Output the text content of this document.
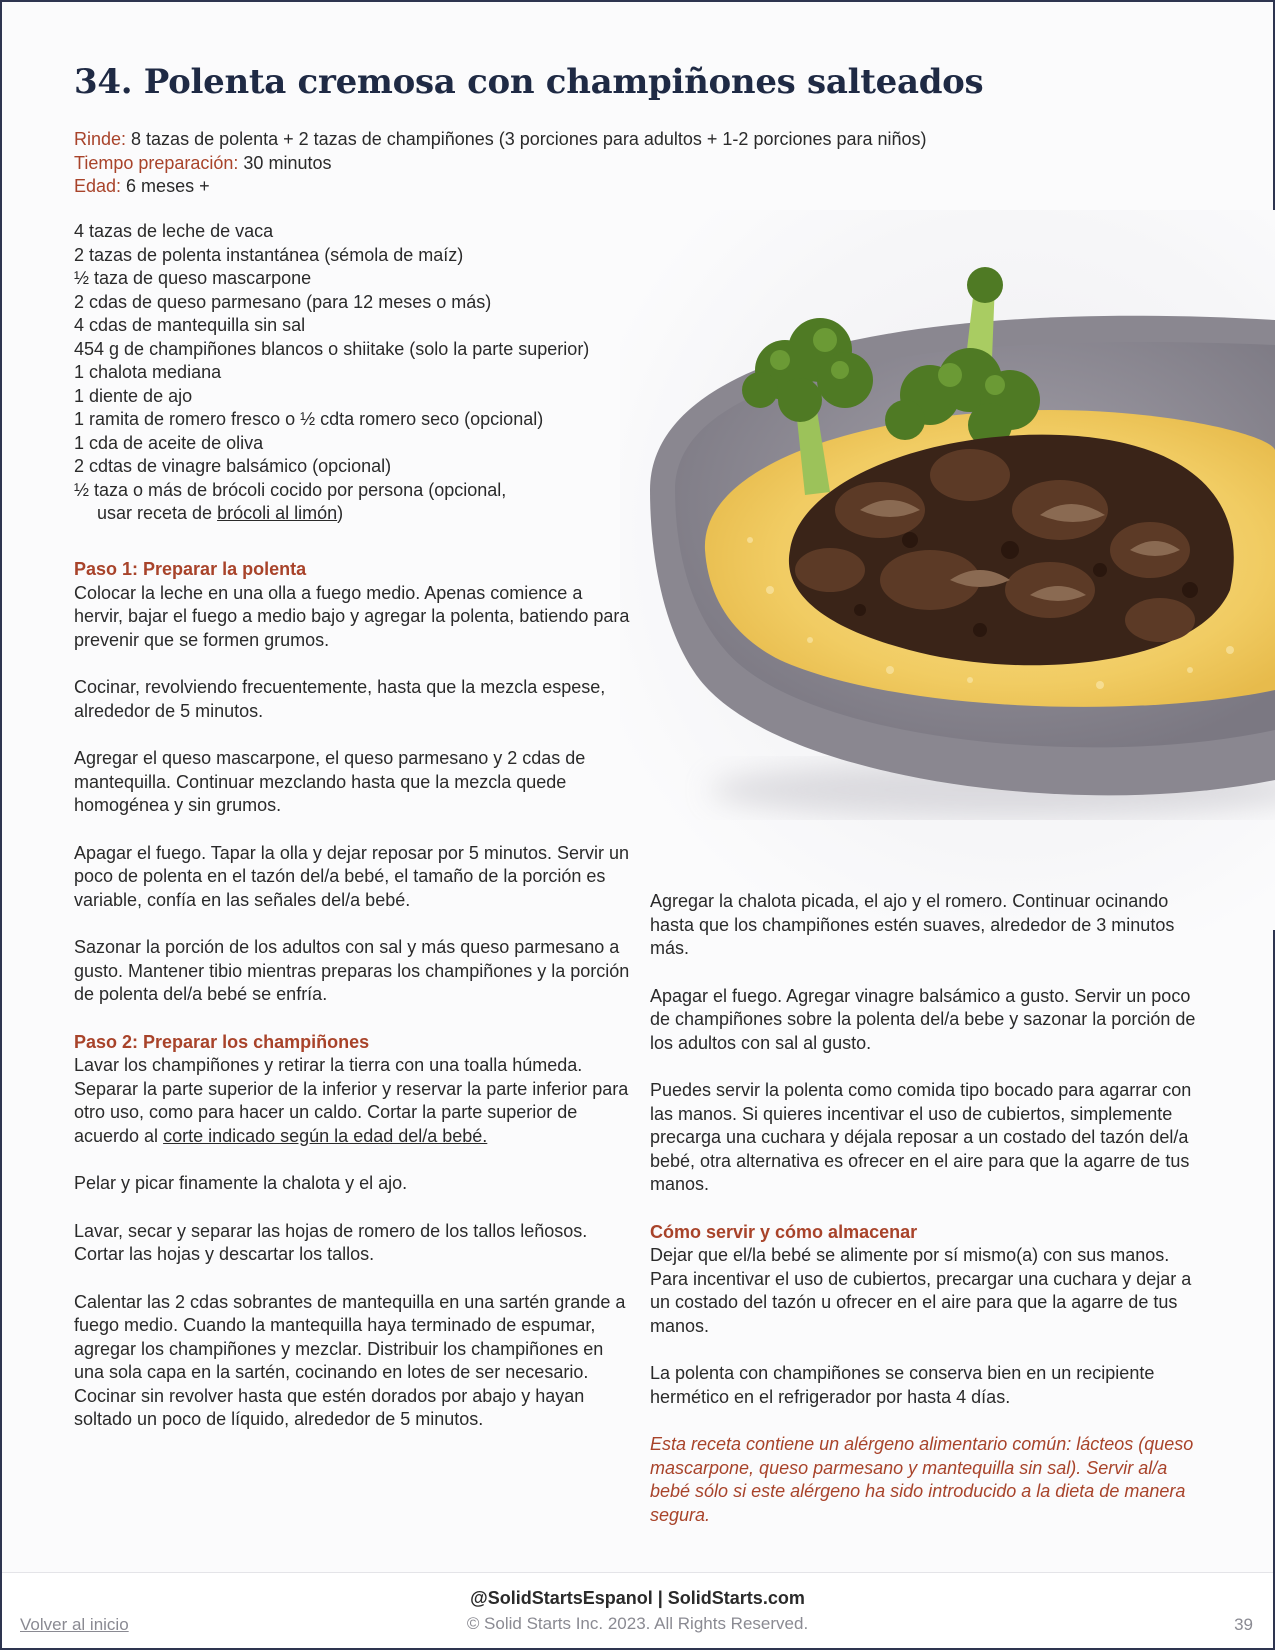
34. Polenta cremosa con champiñones salteados
Rinde: 8 tazas de polenta + 2 tazas de champiñones (3 porciones para adultos + 1-2 porciones para niños)
Tiempo preparación: 30 minutos
Edad: 6 meses +
4 tazas de leche de vaca
2 tazas de polenta instantánea (sémola de maíz)
½ taza de queso mascarpone
2 cdas de queso parmesano (para 12 meses o más)
4 cdas de mantequilla sin sal
454 g de champiñones blancos o shiitake (solo la parte superior)
1 chalota mediana
1 diente de ajo
1 ramita de romero fresco o ½ cdta romero seco (opcional)
1 cda de aceite de oliva
2 cdtas de vinagre balsámico (opcional)
½ taza o más de brócoli cocido por persona (opcional,
usar receta de brócoli al limón)
Paso 1: Preparar la polenta

Colocar la leche en una olla a fuego medio. Apenas comience a hervir, bajar el fuego a medio bajo y agregar la polenta, batiendo para prevenir que se formen grumos.

Cocinar, revolviendo frecuentemente, hasta que la mezcla espese, alrededor de 5 minutos.

Agregar el queso mascarpone, el queso parmesano y 2 cdas de mantequilla. Continuar mezclando hasta que la mezcla quede homogénea y sin grumos.

Apagar el fuego. Tapar la olla y dejar reposar por 5 minutos. Servir un poco de polenta en el tazón del/a bebé, el tamaño de la porción es variable, confía en las señales del/a bebé.

Sazonar la porción de los adultos con sal y más queso parmesano a gusto. Mantener tibio mientras preparas los champiñones y la porción de polenta del/a bebé se enfría.

Paso 2: Preparar los champiñones

Lavar los champiñones y retirar la tierra con una toalla húmeda. Separar la parte superior de la inferior y reservar la parte inferior para otro uso, como para hacer un caldo. Cortar la parte superior de acuerdo al corte indicado según la edad del/a bebé.

Pelar y picar finamente la chalota y el ajo.

Lavar, secar y separar las hojas de romero de los tallos leñosos. Cortar las hojas y descartar los tallos.

Calentar las 2 cdas sobrantes de mantequilla en una sartén grande a fuego medio. Cuando la mantequilla haya terminado de espumar, agregar los champiñones y mezclar. Distribuir los champiñones en una sola capa en la sartén, cocinando en lotes de ser necesario. Cocinar sin revolver hasta que estén dorados por abajo y hayan soltado un poco de líquido, alrededor de 5 minutos.

Agregar la chalota picada, el ajo y el romero. Continuar ocinando hasta que los champiñones estén suaves, alrededor de 3 minutos más.

Apagar el fuego. Agregar vinagre balsámico a gusto. Servir un poco de champiñones sobre la polenta del/a bebe y sazonar la porción de los adultos con sal al gusto.

Puedes servir la polenta como comida tipo bocado para agarrar con las manos. Si quieres incentivar el uso de cubiertos, simplemente precarga una cuchara y déjala reposar a un costado del tazón del/a bebé, otra alternativa es ofrecer en el aire para que la agarre de tus manos.

Cómo servir y cómo almacenar

Dejar que el/la bebé se alimente por sí mismo(a) con sus manos. Para incentivar el uso de cubiertos, precargar una cuchara y dejar a un costado del tazón u ofrecer en el aire para que la agarre de tus manos.

La polenta con champiñones se conserva bien en un recipiente hermético en el refrigerador por hasta 4 días.

Esta receta contiene un alérgeno alimentario común: lácteos (queso mascarpone, queso parmesano y mantequilla sin sal). Servir al/a bebé sólo si este alérgeno ha sido introducido a la dieta de manera segura.

@SolidStartsEspanol | SolidStarts.com
© Solid Starts Inc. 2023. All Rights Reserved.
Volver al inicio	39
